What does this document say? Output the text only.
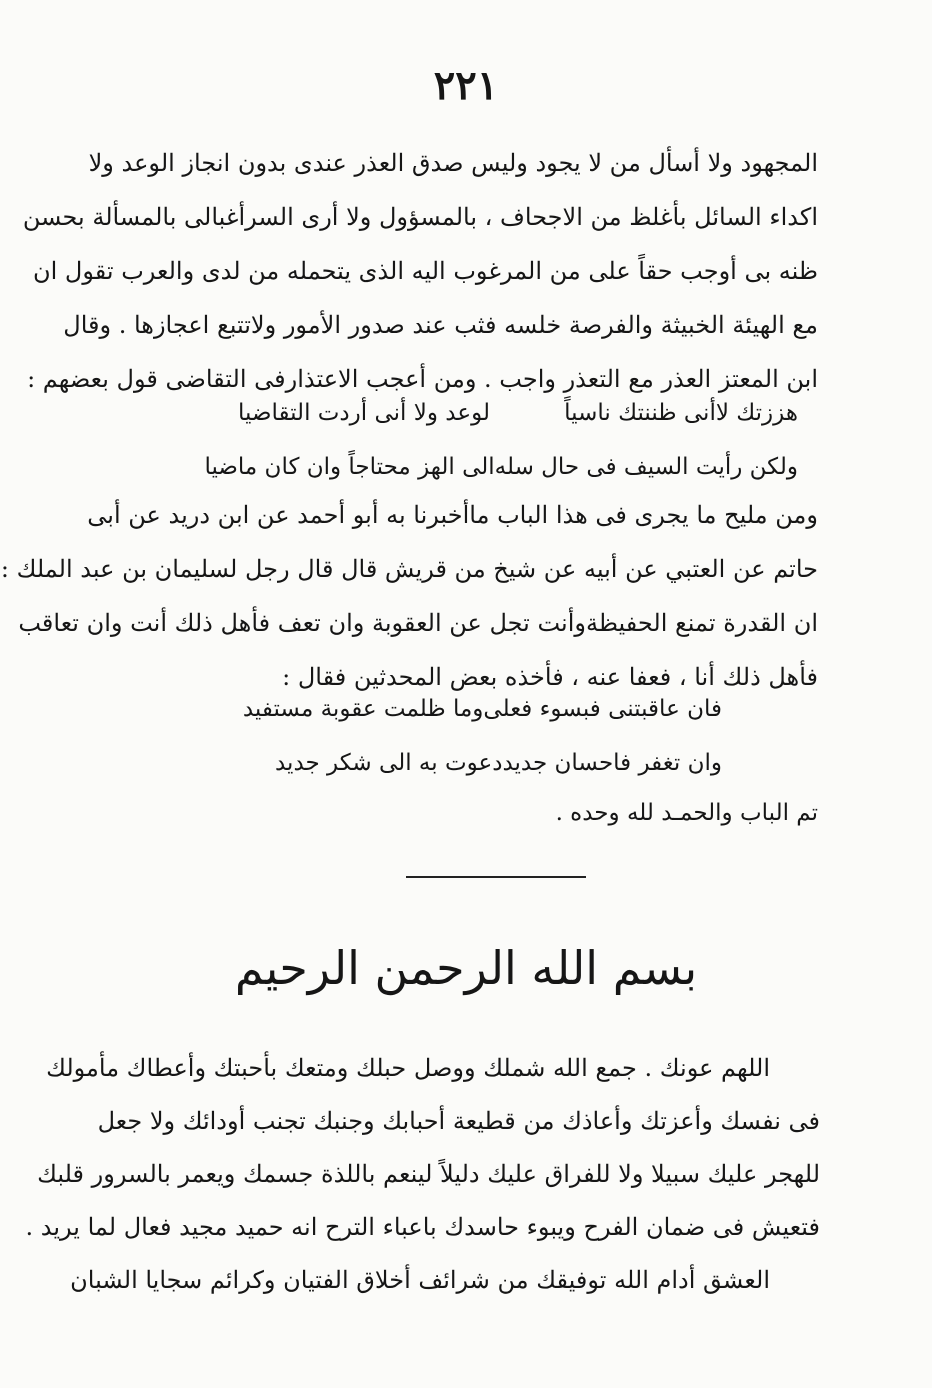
٢٢١
المجهود ولا أسأل من لا يجود وليس صدق العذر عندى بدون انجاز الوعد ولا
اكداء السائل بأغلظ من الاجحاف ، بالمسؤول ولا أرى السرأغبالى بالمسألة بحسن
ظنه بى أوجب حقاً على من المرغوب اليه الذى يتحمله من لدى والعرب تقول ان
مع الهيئة الخبيثة والفرصة خلسه فثب عند صدور الأمور ولاتتبع اعجازها . وقال
ابن المعتز العذر مع التعذر واجب . ومن أعجب الاعتذارفى التقاضى قول بعضهم :
هززتك لاأنى ظننتك ناسياً
لوعد ولا أنى أردت التقاضيا
ولكن رأيت السيف فى حال سله
الى الهز محتاجاً وان كان ماضيا
ومن مليح ما يجرى فى هذا الباب ماأخبرنا به أبو أحمد عن ابن دريد عن أبى
حاتم عن العتبي عن أبيه عن شيخ من قريش قال قال رجل لسليمان بن عبد الملك :
ان القدرة تمنع الحفيظةوأنت تجل عن العقوبة وان تعف فأهل ذلك أنت وان تعاقب
فأهل ذلك أنا ، فعفا عنه ، فأخذه بعض المحدثين فقال :
فان عاقبتنى فبسوء فعلى
وما ظلمت عقوبة مستفيد
وان تغفر فاحسان جديد
دعوت به الى شكر جديد
تم الباب والحمـد لله وحده .
بسم الله الرحمن الرحيم
اللهم عونك . جمع الله شملك ووصل حبلك ومتعك بأحبتك وأعطاك مأمولك
فى نفسك وأعزتك وأعاذك من قطيعة أحبابك وجنبك تجنب أودائك ولا جعل
للهجر عليك سبيلا ولا للفراق عليك دليلاً لينعم باللذة جسمك ويعمر بالسرور قلبك
فتعيش فى ضمان الفرح ويبوء حاسدك باعباء الترح انه حميد مجيد فعال لما يريد .
العشق أدام الله توفيقك من شرائف أخلاق الفتيان وكرائم سجايا الشبان
